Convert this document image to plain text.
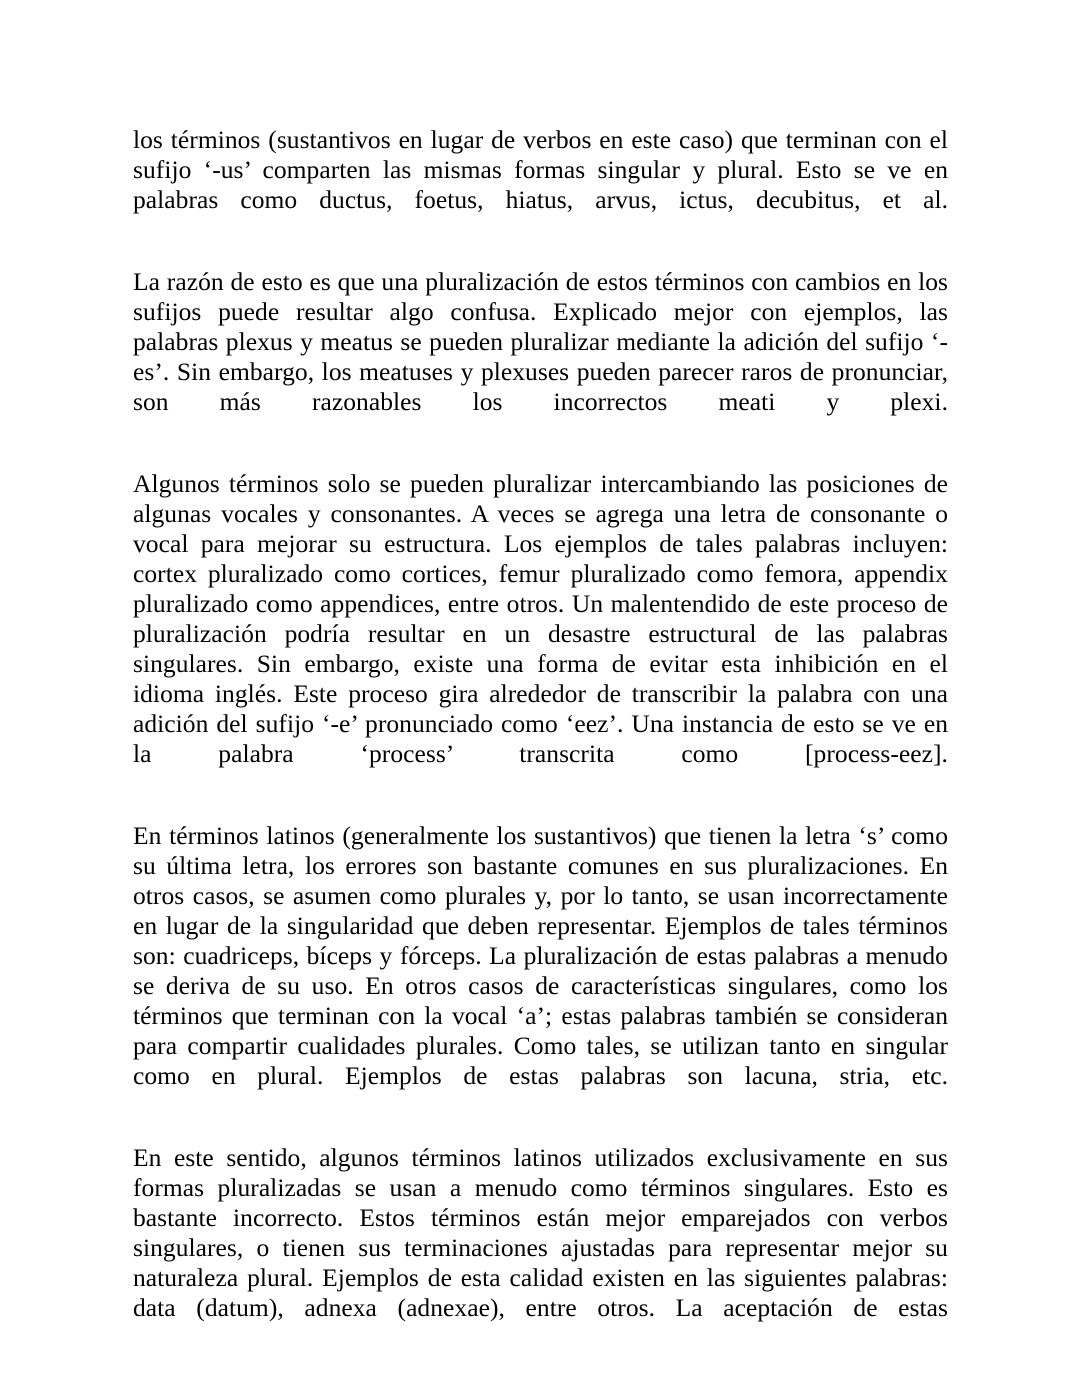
los términos (sustantivos en lugar de verbos en este caso) que terminan con el sufijo ‘-us’ comparten las mismas formas singular y plural. Esto se ve en palabras como ductus, foetus, hiatus, arvus, ictus, decubitus, et al.

La razón de esto es que una pluralización de estos términos con cambios en los sufijos puede resultar algo confusa. Explicado mejor con ejemplos, las palabras plexus y meatus se pueden pluralizar mediante la adición del sufijo ‘-es’. Sin embargo, los meatuses y plexuses pueden parecer raros de pronunciar, son más razonables los incorrectos meati y plexi.

Algunos términos solo se pueden pluralizar intercambiando las posiciones de algunas vocales y consonantes. A veces se agrega una letra de consonante o vocal para mejorar su estructura. Los ejemplos de tales palabras incluyen: cortex pluralizado como cortices, femur pluralizado como femora, appendix pluralizado como appendices, entre otros. Un malentendido de este proceso de pluralización podría resultar en un desastre estructural de las palabras singulares. Sin embargo, existe una forma de evitar esta inhibición en el idioma inglés. Este proceso gira alrededor de transcribir la palabra con una adición del sufijo ‘-e’ pronunciado como ‘eez’. Una instancia de esto se ve en la palabra ‘process’ transcrita como [process-eez].

En términos latinos (generalmente los sustantivos) que tienen la letra ‘s’ como su última letra, los errores son bastante comunes en sus pluralizaciones. En otros casos, se asumen como plurales y, por lo tanto, se usan incorrectamente en lugar de la singularidad que deben representar. Ejemplos de tales términos son: cuadriceps, bíceps y fórceps. La pluralización de estas palabras a menudo se deriva de su uso. En otros casos de características singulares, como los términos que terminan con la vocal ‘a’; estas palabras también se consideran para compartir cualidades plurales. Como tales, se utilizan tanto en singular como en plural. Ejemplos de estas palabras son lacuna, stria, etc.

En este sentido, algunos términos latinos utilizados exclusivamente en sus formas pluralizadas se usan a menudo como términos singulares. Esto es bastante incorrecto. Estos términos están mejor emparejados con verbos singulares, o tienen sus terminaciones ajustadas para representar mejor su naturaleza plural. Ejemplos de esta calidad existen en las siguientes palabras: data (datum), adnexa (adnexae), entre otros. La aceptación de estas
